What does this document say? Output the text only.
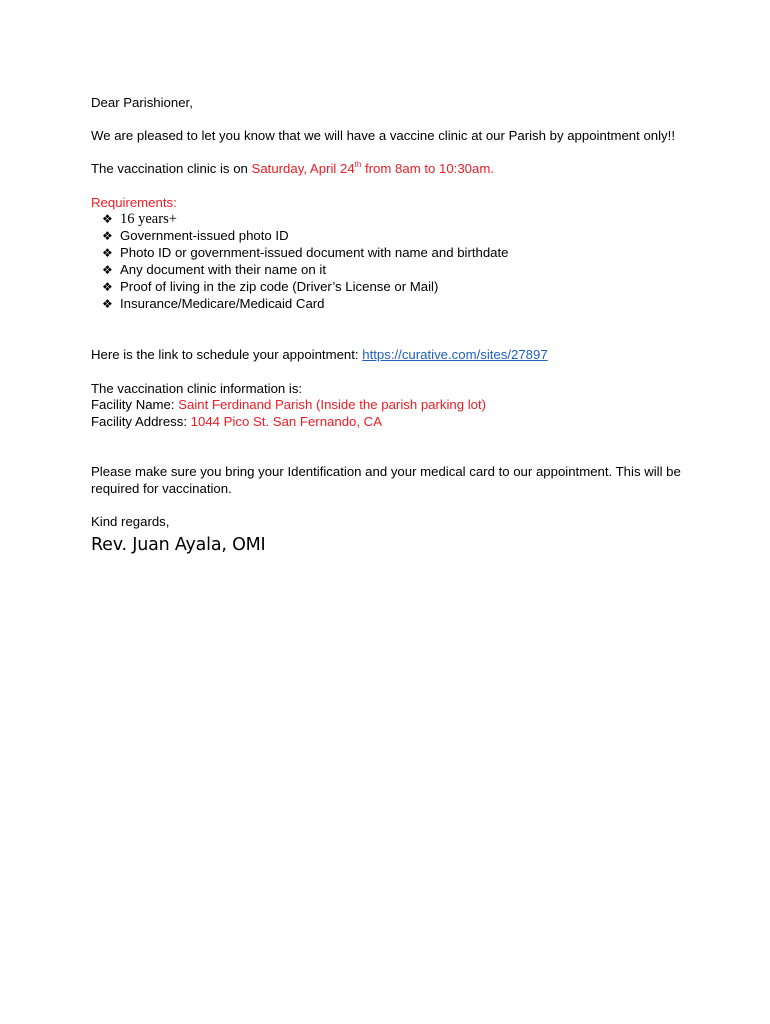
Dear Parishioner,

We are pleased to let you know that we will have a vaccine clinic at our Parish by appointment only!!

The vaccination clinic is on Saturday, April 24th from 8am to 10:30am.

Requirements:

❖ 16 years+
❖ Government-issued photo ID
❖ Photo ID or government-issued document with name and birthdate
❖ Any document with their name on it
❖ Proof of living in the zip code (Driver’s License or Mail)
❖ Insurance/Medicare/Medicaid Card

Here is the link to schedule your appointment: https://curative.com/sites/27897

The vaccination clinic information is:

Facility Name: Saint Ferdinand Parish (Inside the parish parking lot)

Facility Address: 1044 Pico St. San Fernando, CA

Please make sure you bring your Identification and your medical card to our appointment. This will be required for vaccination.

Kind regards,

Rev. Juan Ayala, OMI
